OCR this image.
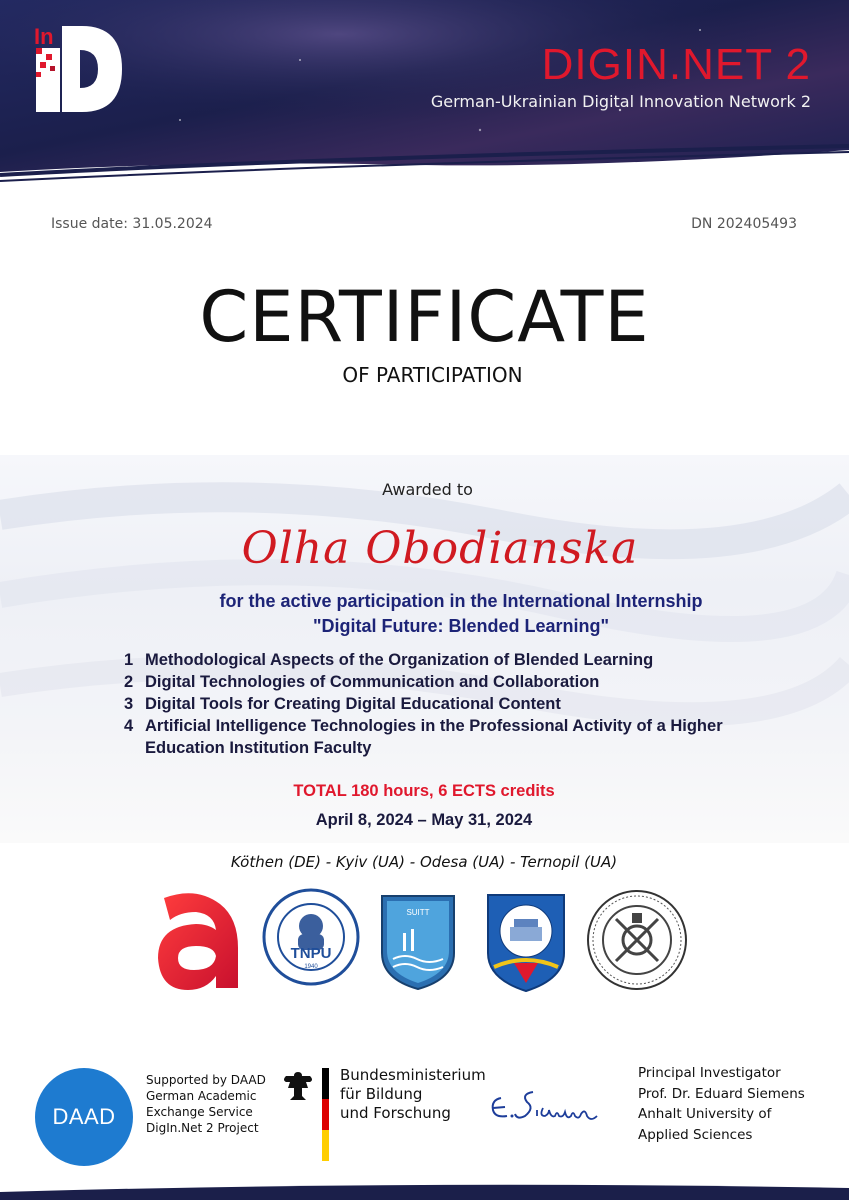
In
DIGIN.NET 2
German-Ukrainian Digital Innovation Network 2
Issue date: 31.05.2024	DN 202405493
CERTIFICATE
OF PARTICIPATION
Awarded to
Olha Obodianska
for the active participation in the International Internship
"Digital Future: Blended Learning"
1 Methodological Aspects of the Organization of Blended Learning
2 Digital Technologies of Communication and Collaboration
3 Digital Tools for Creating Digital Educational Content
4 Artificial Intelligence Technologies in the Professional Activity of a Higher Education Institution Faculty
TOTAL 180 hours, 6 ECTS credits
April 8, 2024 – May 31, 2024
Köthen (DE) - Kyiv (UA) - Odesa (UA) - Ternopil (UA)
TNPU
1940
SUITT
DAAD
Supported by DAAD
German Academic
Exchange Service
DigIn.Net 2 Project
Bundesministerium
für Bildung
und Forschung
Principal Investigator
Prof. Dr. Eduard Siemens
Anhalt University of
Applied Sciences
